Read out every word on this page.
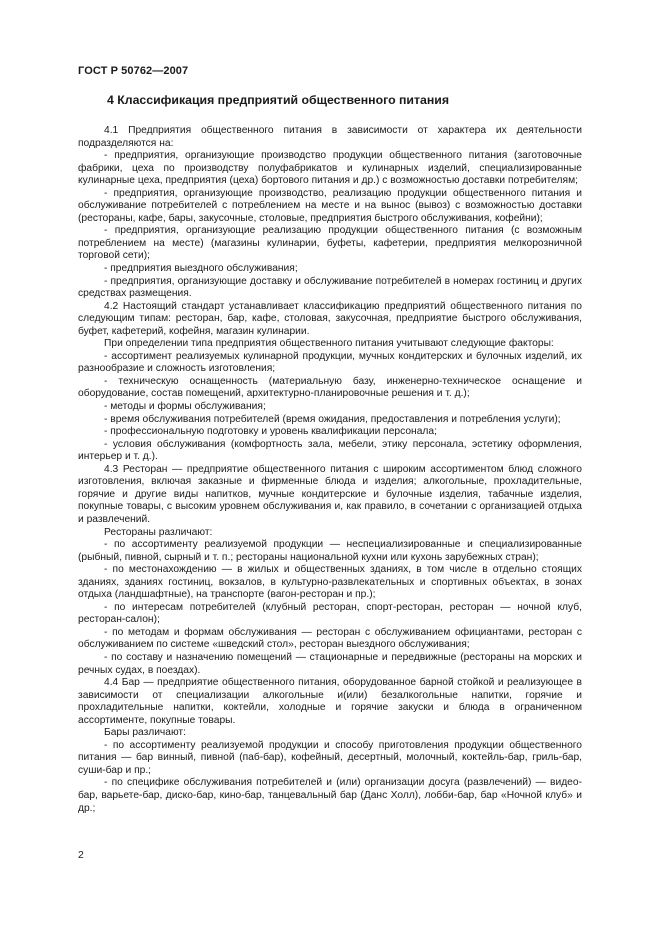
ГОСТ Р 50762—2007
4 Классификация предприятий общественного питания

4.1 Предприятия общественного питания в зависимости от характера их деятельности подразделяются на:

- предприятия, организующие производство продукции общественного питания (заготовочные фабрики, цеха по производству полуфабрикатов и кулинарных изделий, специализированные кулинарные цеха, предприятия (цеха) бортового питания и др.) с возможностью доставки потребителям;

- предприятия, организующие производство, реализацию продукции общественного питания и обслуживание потребителей с потреблением на месте и на вынос (вывоз) с возможностью доставки (рестораны, кафе, бары, закусочные, столовые, предприятия быстрого обслуживания, кофейни);

- предприятия, организующие реализацию продукции общественного питания (с возможным потреблением на месте) (магазины кулинарии, буфеты, кафетерии, предприятия мелкорозничной торговой сети);

- предприятия выездного обслуживания;

- предприятия, организующие доставку и обслуживание потребителей в номерах гостиниц и других средствах размещения.

4.2 Настоящий стандарт устанавливает классификацию предприятий общественного питания по следующим типам: ресторан, бар, кафе, столовая, закусочная, предприятие быстрого обслуживания, буфет, кафетерий, кофейня, магазин кулинарии.

При определении типа предприятия общественного питания учитывают следующие факторы:

- ассортимент реализуемых кулинарной продукции, мучных кондитерских и булочных изделий, их разнообразие и сложность изготовления;

- техническую оснащенность (материальную базу, инженерно-техническое оснащение и оборудование, состав помещений, архитектурно-планировочные решения и т. д.);

- методы и формы обслуживания;

- время обслуживания потребителей (время ожидания, предоставления и потребления услуги);

- профессиональную подготовку и уровень квалификации персонала;

- условия обслуживания (комфортность зала, мебели, этику персонала, эстетику оформления, интерьер и т. д.).

4.3 Ресторан — предприятие общественного питания с широким ассортиментом блюд сложного изготовления, включая заказные и фирменные блюда и изделия; алкогольные, прохладительные, горячие и другие виды напитков, мучные кондитерские и булочные изделия, табачные изделия, покупные товары, с высоким уровнем обслуживания и, как правило, в сочетании с организацией отдыха и развлечений.

Рестораны различают:

- по ассортименту реализуемой продукции — неспециализированные и специализированные (рыбный, пивной, сырный и т. п.; рестораны национальной кухни или кухонь зарубежных стран);

- по местонахождению — в жилых и общественных зданиях, в том числе в отдельно стоящих зданиях, зданиях гостиниц, вокзалов, в культурно-развлекательных и спортивных объектах, в зонах отдыха (ландшафтные), на транспорте (вагон-ресторан и пр.);

- по интересам потребителей (клубный ресторан, спорт-ресторан, ресторан — ночной клуб, ресторан-салон);

- по методам и формам обслуживания — ресторан с обслуживанием официантами, ресторан с обслуживанием по системе «шведский стол», ресторан выездного обслуживания;

- по составу и назначению помещений — стационарные и передвижные (рестораны на морских и речных судах, в поездах).

4.4 Бар — предприятие общественного питания, оборудованное барной стойкой и реализующее в зависимости от специализации алкогольные и(или) безалкогольные напитки, горячие и прохладительные напитки, коктейли, холодные и горячие закуски и блюда в ограниченном ассортименте, покупные товары.

Бары различают:

- по ассортименту реализуемой продукции и способу приготовления продукции общественного питания — бар винный, пивной (паб-бар), кофейный, десертный, молочный, коктейль-бар, гриль-бар, суши-бар и пр.;

- по специфике обслуживания потребителей и (или) организации досуга (развлечений) — видео-бар, варьете-бар, диско-бар, кино-бар, танцевальный бар (Данс Холл), лобби-бар, бар «Ночной клуб» и др.;

2
